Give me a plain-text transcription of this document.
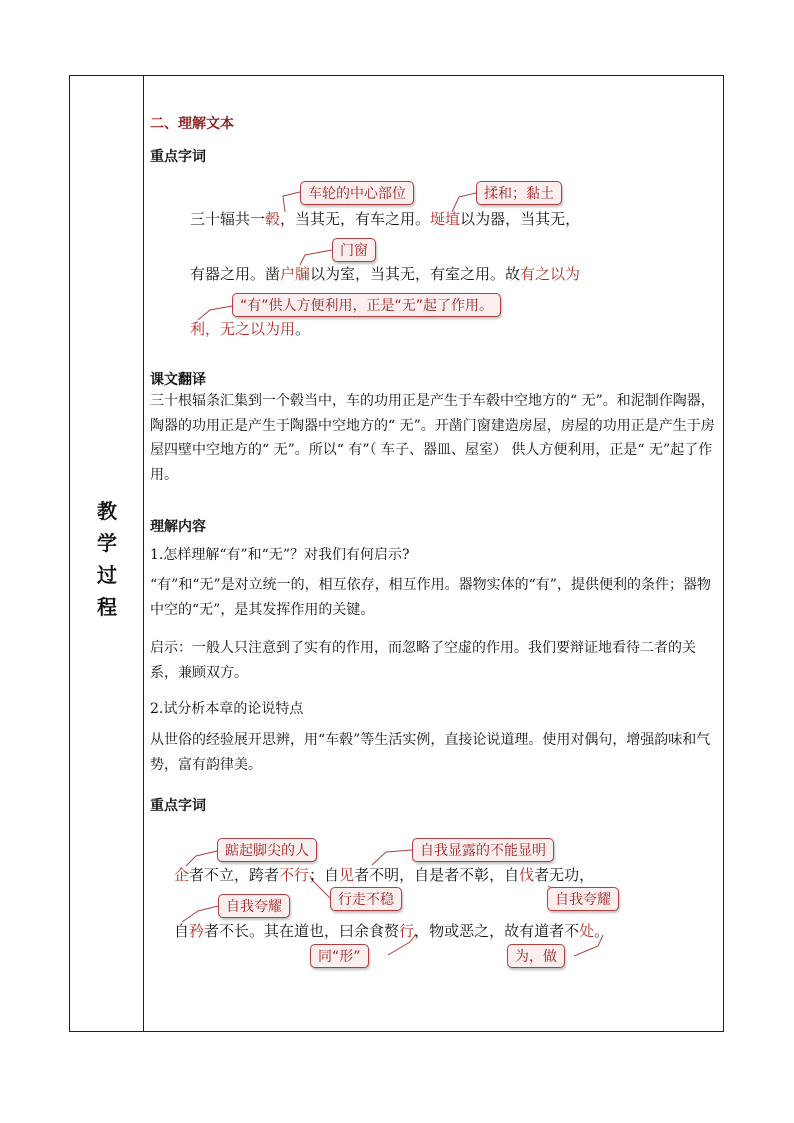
教
学
过
程
二、理解文本
重点字词
三十辐共一毂，当其无，有车之用。埏埴以为器，当其无，
有器之用。凿户牖以为室，当其无，有室之用。故有之以为
利，无之以为用。
车轮的中心部位	揉和；黏土
门窗
“有”供人方便利用，正是“无”起了作用。
课文翻译
三十根辐条汇集到一个毂当中，车的功用正是产生于车毂中空地方的“ 无”。和泥制作陶器，陶器的功用正是产生于陶器中空地方的“ 无”。开凿门窗建造房屋，房屋的功用正是产生于房屋四壁中空地方的“ 无”。所以“ 有”（ 车子、器皿、屋室） 供人方便利用，正是“ 无”起了作用。
理解内容
1.怎样理解“有”和“无”？对我们有何启示?
“有”和“无”是对立统一的，相互依存，相互作用。器物实体的“有”，提供便利的条件；器物中空的“无”，是其发挥作用的关键。
启示：一般人只注意到了实有的作用，而忽略了空虚的作用。我们要辩证地看待二者的关系，兼顾双方。
2.试分析本章的论说特点
从世俗的经验展开思辨，用“车毂”等生活实例，直接论说道理。使用对偶句，增强韵味和气势，富有韵律美。
重点字词
企者不立，跨者不行；自见者不明，自是者不彰，自伐者无功，
自矜者不长。其在道也，曰余食赘行，物或恶之，故有道者不处。
踮起脚尖的人	自我显露的不能显明
行走不稳
自我夸耀	自我夸耀
同“形”	为，做
